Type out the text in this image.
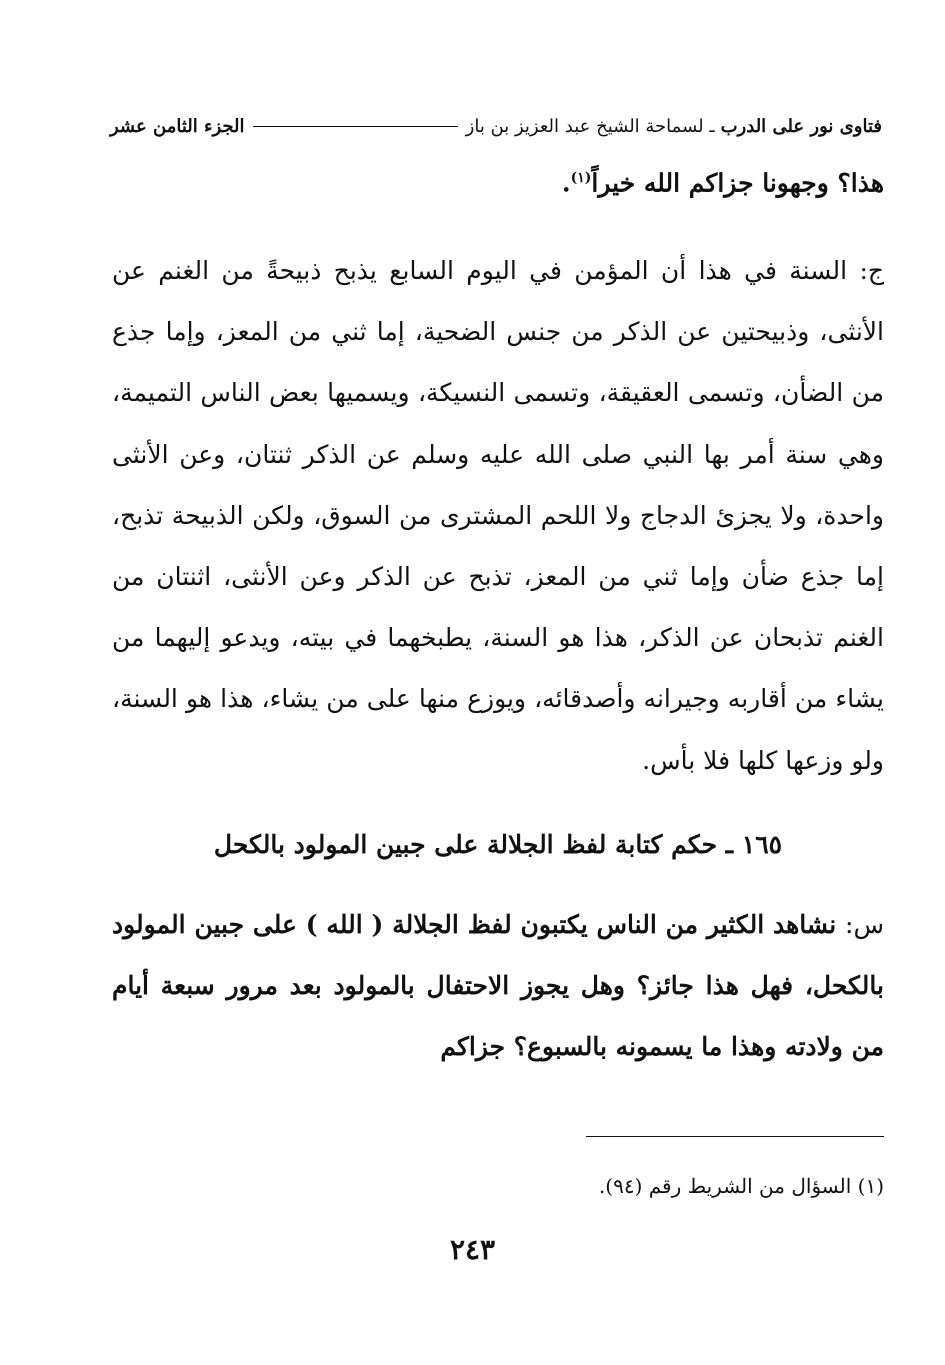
فتاوى نور على الدرب
ـ لسماحة الشيخ عبد العزيز بن باز
الجزء الثامن عشر
هذا؟ وجهونا جزاكم الله خيراً$^{(١)}$.
ج: السنة في هذا أن المؤمن في اليوم السابع يذبح ذبيحةً من الغنم عن الأنثى، وذبيحتين عن الذكر من جنس الضحية، إما ثني من المعز، وإما جذع من الضأن، وتسمى العقيقة، وتسمى النسيكة، ويسميها بعض الناس التميمة، وهي سنة أمر بها النبي صلى الله عليه وسلم عن الذكر ثنتان، وعن الأنثى واحدة، ولا يجزئ الدجاج ولا اللحم المشترى من السوق، ولكن الذبيحة تذبح، إما جذع ضأن وإما ثني من المعز، تذبح عن الذكر وعن الأنثى، اثنتان من الغنم تذبحان عن الذكر، هذا هو السنة، يطبخهما في بيته، ويدعو إليهما من يشاء من أقاربه وجيرانه وأصدقائه، ويوزع منها على من يشاء، هذا هو السنة، ولو وزعها كلها فلا بأس.
١٦٥ ـ حكم كتابة لفظ الجلالة على جبين المولود بالكحل
س: نشاهد الكثير من الناس يكتبون لفظ الجلالة ( الله ) على جبين المولود بالكحل، فهل هذا جائز؟ وهل يجوز الاحتفال بالمولود بعد مرور سبعة أيام من ولادته وهذا ما يسمونه بالسبوع؟ جزاكم
(١) السؤال من الشريط رقم (٩٤).
٢٤٣
